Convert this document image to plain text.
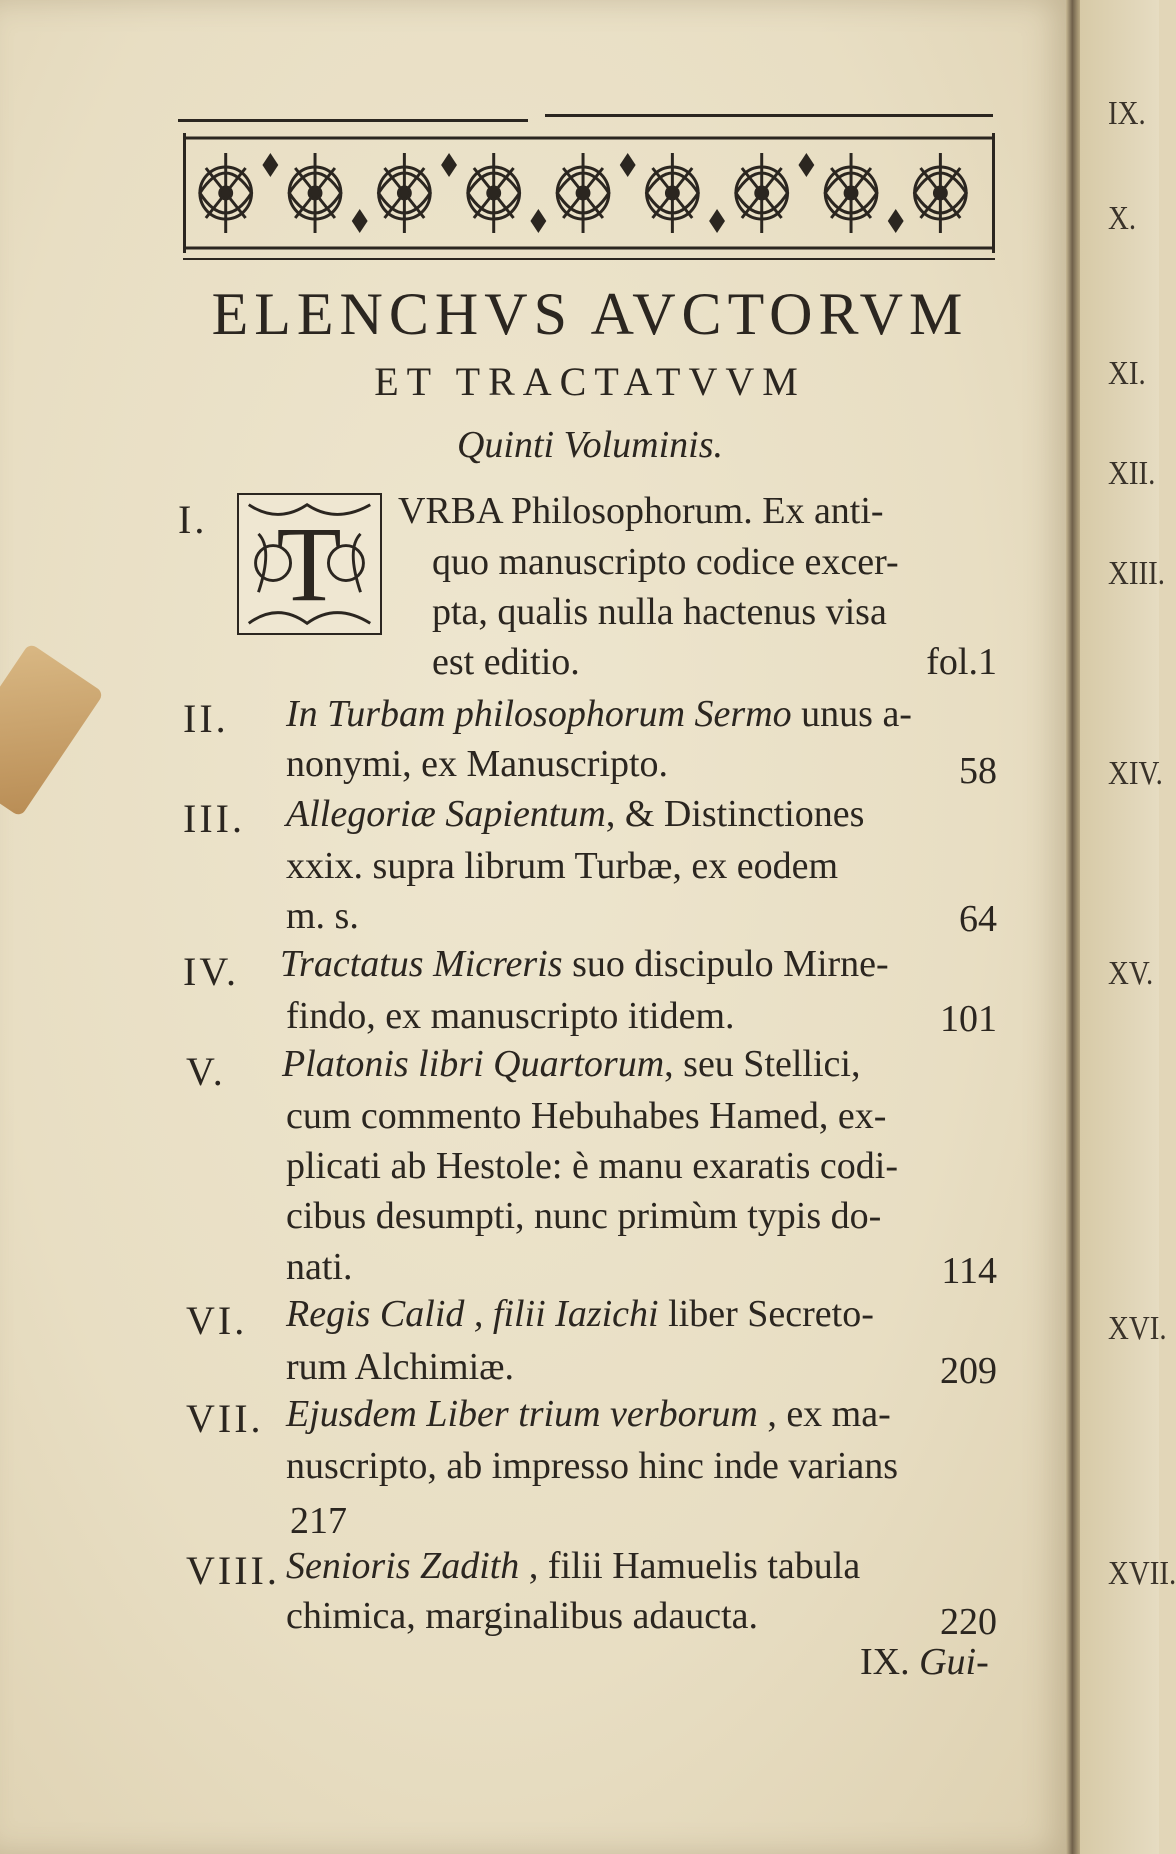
IX.
X.
XI.
XII.
XIII.
XIV.
XV.
XVI.
XVII.
ELENCHVS AVCTORVM
ET TRACTATVVM
Quinti Voluminis.
T
I.	VRBA Philosophorum. Ex anti-
quo manuscripto codice excer-
pta, qualis nulla hactenus visa
est editio.	fol.1
II. In Turbam philosophorum Sermo unus a-
nonymi, ex Manuscripto.	58
III. Allegoriæ Sapientum, & Distinctiones
xxix. supra librum Turbæ, ex eodem
m. s.	64
IV. Tractatus Micreris suo discipulo Mirne-
findo, ex manuscripto itidem.	101
V. Platonis libri Quartorum, seu Stellici,
cum commento Hebuhabes Hamed, ex-
plicati ab Hestole: è manu exaratis codi-
cibus desumpti, nunc primùm typis do-
nati.	114
VI. Regis Calid , filii Iazichi liber Secreto-
rum Alchimiæ.	209
VII. Ejusdem Liber trium verborum , ex ma-
nuscripto, ab impresso hinc inde varians
217
VIII. Senioris Zadith , filii Hamuelis tabula
chimica, marginalibus adaucta.	220
IX. Gui-
